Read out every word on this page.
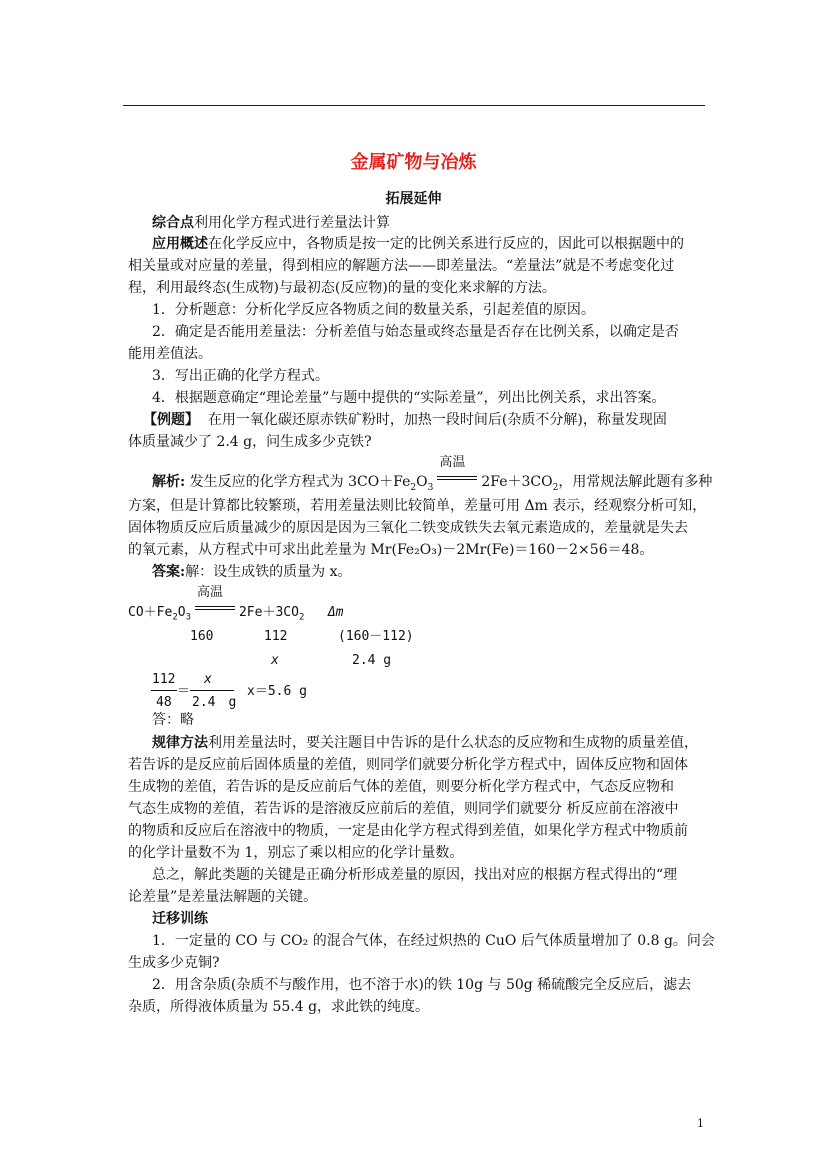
金属矿物与冶炼
拓展延伸
综合点利用化学方程式进行差量法计算
应用概述在化学反应中，各物质是按一定的比例关系进行反应的，因此可以根据题中的
相关量或对应量的差量，得到相应的解题方法——即差量法。“差量法”就是不考虑变化过
程，利用最终态(生成物)与最初态(反应物)的量的变化来求解的方法。
1．分析题意：分析化学反应各物质之间的数量关系，引起差值的原因。
2．确定是否能用差量法：分析差值与始态量或终态量是否存在比例关系，以确定是否
能用差值法。
3．写出正确的化学方程式。
4．根据题意确定“理论差量”与题中提供的“实际差量”，列出比例关系，求出答案。
【例题】 在用一氧化碳还原赤铁矿粉时，加热一段时间后(杂质不分解)，称量发现固
体质量减少了 2.4 g，问生成多少克铁?
解析: 发生反应的化学方程式为 $3CO+Fe_2O_3$
高温
$2Fe+3CO_2$，用常规法解此题有多种
方案，但是计算都比较繁琐，若用差量法则比较简单，差量可用 Δm 表示，经观察分析可知，
固体物质反应后质量减少的原因是因为三氧化二铁变成铁失去氧元素造成的，差量就是失去
的氧元素，从方程式中可求出此差量为 Mr(Fe₂O₃)－2Mr(Fe)＝160－2×56＝48。
答案:解：设生成铁的质量为 x。
$CO+Fe_2O_3$
高温
$2Fe+3CO_2$ Δm
160	112	(160－112)
x	2.4 g
112
48
＝
x
2.4　g
x＝5.6 g
答：略
规律方法利用差量法时，要关注题目中告诉的是什么状态的反应物和生成物的质量差值，
若告诉的是反应前后固体质量的差值，则同学们就要分析化学方程式中，固体反应物和固体
生成物的差值，若告诉的是反应前后气体的差值，则要分析化学方程式中，气态反应物和
气态生成物的差值，若告诉的是溶液反应前后的差值，则同学们就要分 析反应前在溶液中
的物质和反应后在溶液中的物质，一定是由化学方程式得到差值，如果化学方程式中物质前
的化学计量数不为 1，别忘了乘以相应的化学计量数。
总之，解此类题的关键是正确分析形成差量的原因，找出对应的根据方程式得出的“理
论差量”是差量法解题的关键。
迁移训练
1．一定量的 CO 与 CO₂ 的混合气体，在经过炽热的 CuO 后气体质量增加了 0.8 g。问会
生成多少克铜?
2．用含杂质(杂质不与酸作用，也不溶于水)的铁 10g 与 50g 稀硫酸完全反应后，滤去
杂质，所得液体质量为 55.4 g，求此铁的纯度。
1
